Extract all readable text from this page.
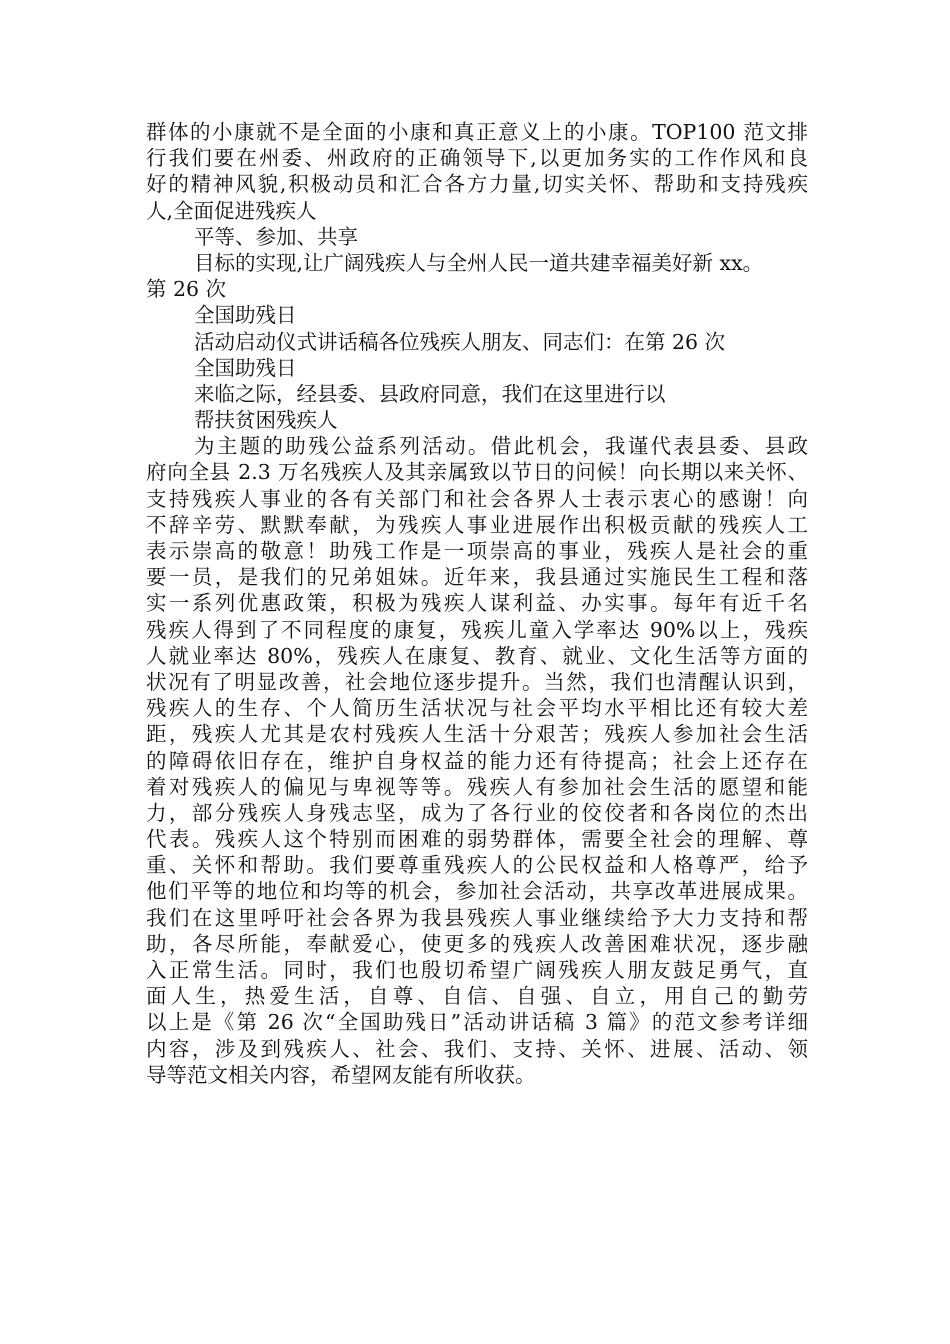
群体的小康就不是全面的小康和真正意义上的小康。TOP100 范文排
行我们要在州委、州政府的正确领导下,以更加务实的工作作风和良
好的精神风貌,积极动员和汇合各方力量,切实关怀、帮助和支持残疾
人,全面促进残疾人
平等、参加、共享
目标的实现,让广阔残疾人与全州人民一道共建幸福美好新 xx。
第 26 次
全国助残日
活动启动仪式讲话稿各位残疾人朋友、同志们：在第 26 次
全国助残日
来临之际，经县委、县政府同意，我们在这里进行以
帮扶贫困残疾人
为主题的助残公益系列活动。借此机会，我谨代表县委、县政
府向全县 2.3 万名残疾人及其亲属致以节日的问候！向长期以来关怀、
支持残疾人事业的各有关部门和社会各界人士表示衷心的感谢！向
不辞辛劳、默默奉献，为残疾人事业进展作出积极贡献的残疾人工
表示崇高的敬意！助残工作是一项崇高的事业，残疾人是社会的重
要一员，是我们的兄弟姐妹。近年来，我县通过实施民生工程和落
实一系列优惠政策，积极为残疾人谋利益、办实事。每年有近千名
残疾人得到了不同程度的康复，残疾儿童入学率达 90%以上，残疾
人就业率达 80%，残疾人在康复、教育、就业、文化生活等方面的
状况有了明显改善，社会地位逐步提升。当然，我们也清醒认识到，
残疾人的生存、个人简历生活状况与社会平均水平相比还有较大差
距，残疾人尤其是农村残疾人生活十分艰苦；残疾人参加社会生活
的障碍依旧存在，维护自身权益的能力还有待提高；社会上还存在
着对残疾人的偏见与卑视等等。残疾人有参加社会生活的愿望和能
力，部分残疾人身残志坚，成为了各行业的佼佼者和各岗位的杰出
代表。残疾人这个特别而困难的弱势群体，需要全社会的理解、尊
重、关怀和帮助。我们要尊重残疾人的公民权益和人格尊严，给予
他们平等的地位和均等的机会，参加社会活动，共享改革进展成果。
我们在这里呼吁社会各界为我县残疾人事业继续给予大力支持和帮
助，各尽所能，奉献爱心，使更多的残疾人改善困难状况，逐步融
入正常生活。同时，我们也殷切希望广阔残疾人朋友鼓足勇气，直
面人生，热爱生活，自尊、自信、自强、自立，用自己的勤劳
以上是《第 26 次“全国助残日”活动讲话稿 3 篇》的范文参考详细
内容，涉及到残疾人、社会、我们、支持、关怀、进展、活动、领
导等范文相关内容，希望网友能有所收获。
